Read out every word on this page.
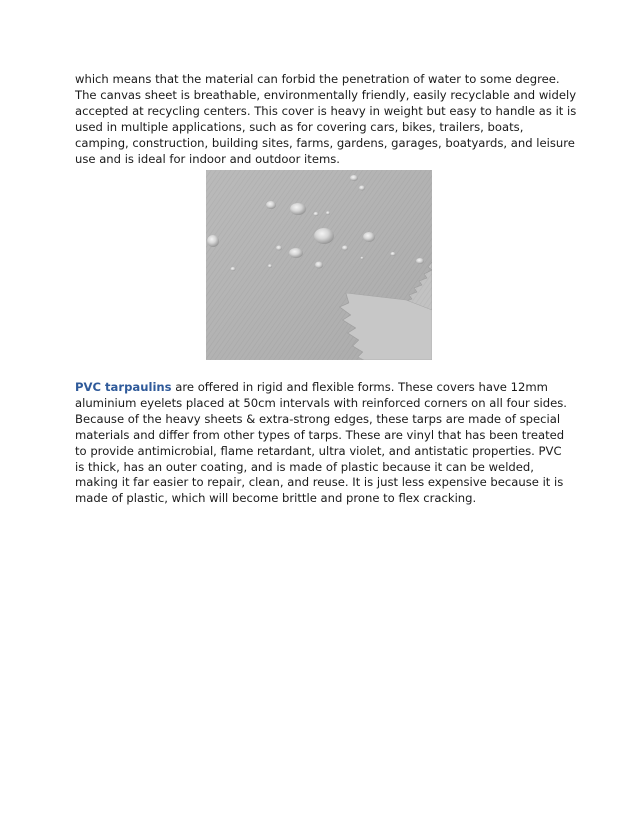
which means that the material can forbid the penetration of water to some degree.
The canvas sheet is breathable, environmentally friendly, easily recyclable and widely
accepted at recycling centers. This cover is heavy in weight but easy to handle as it is
used in multiple applications, such as for covering cars, bikes, trailers, boats,
camping, construction, building sites, farms, gardens, garages, boatyards, and leisure
use and is ideal for indoor and outdoor items.

PVC tarpaulins are offered in rigid and flexible forms. These covers have 12mm
aluminium eyelets placed at 50cm intervals with reinforced corners on all four sides.
Because of the heavy sheets & extra-strong edges, these tarps are made of special
materials and differ from other types of tarps. These are vinyl that has been treated
to provide antimicrobial, flame retardant, ultra violet, and antistatic properties. PVC
is thick, has an outer coating, and is made of plastic because it can be welded,
making it far easier to repair, clean, and reuse. It is just less expensive because it is
made of plastic, which will become brittle and prone to flex cracking.
